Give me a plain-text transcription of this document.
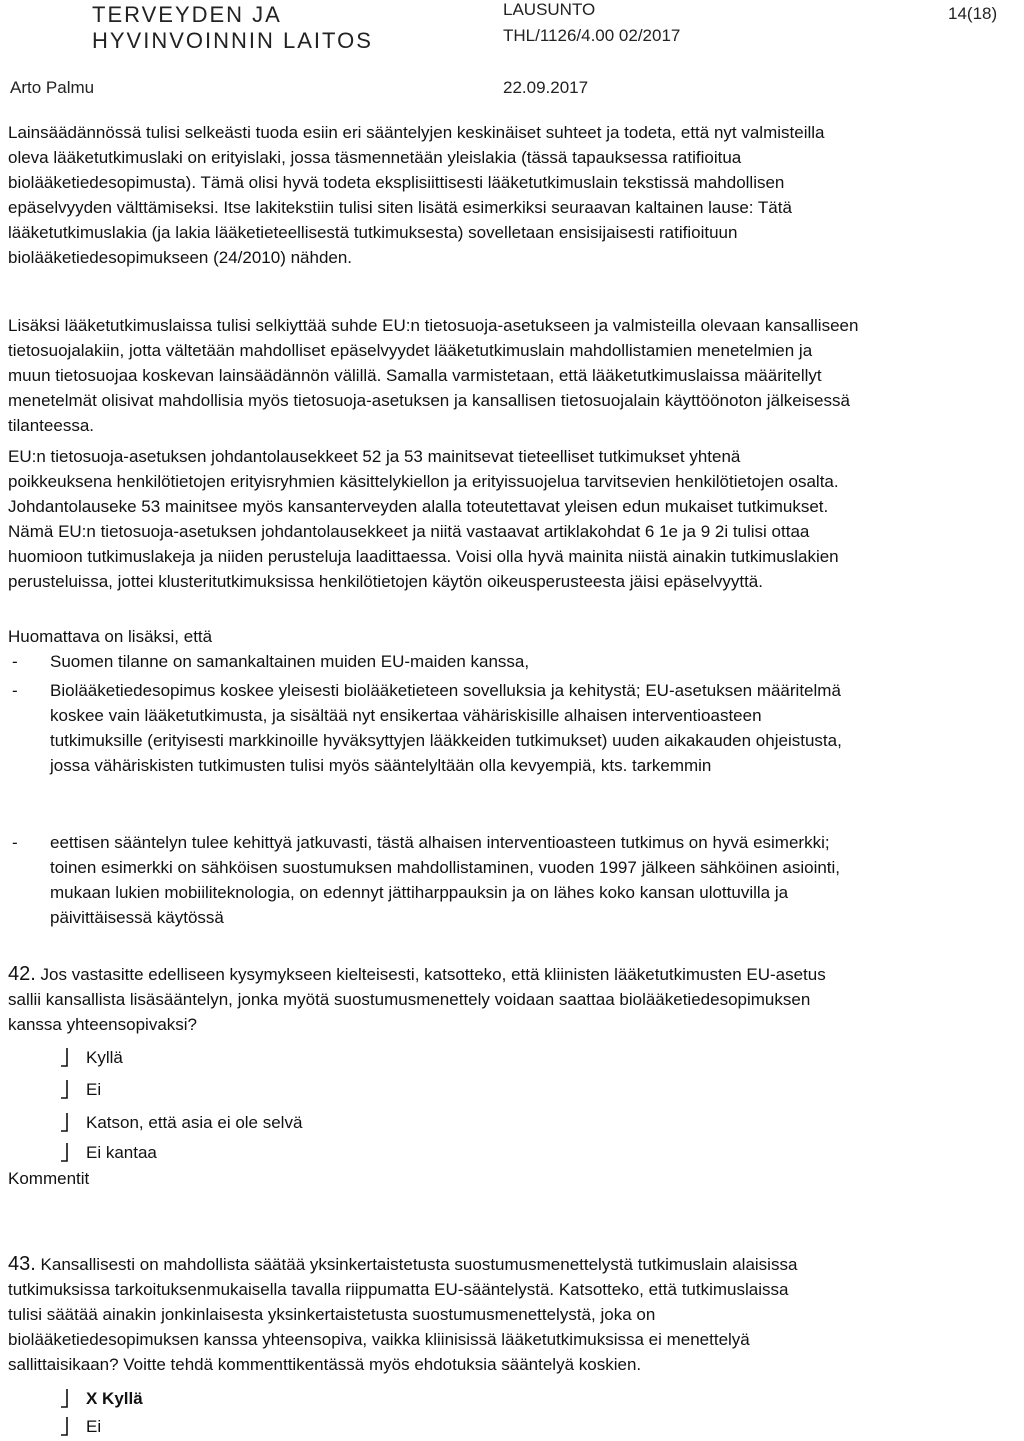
TERVEYDEN JA
HYVINVOINNIN LAITOS
LAUSUNTO
THL/1126/4.00 02/2017
14(18)
Arto Palmu	22.09.2017
Lainsäädännössä tulisi selkeästi tuoda esiin eri sääntelyjen keskinäiset suhteet ja todeta, että nyt valmisteilla
oleva lääketutkimuslaki on erityislaki, jossa täsmennetään yleislakia (tässä tapauksessa ratifioitua
biolääketiedesopimusta). Tämä olisi hyvä todeta eksplisiittisesti lääketutkimuslain tekstissä mahdollisen
epäselvyyden välttämiseksi. Itse lakitekstiin tulisi siten lisätä esimerkiksi seuraavan kaltainen lause: Tätä
lääketutkimuslakia (ja lakia lääketieteellisestä tutkimuksesta) sovelletaan ensisijaisesti ratifioituun
biolääketiedesopimukseen (24/2010) nähden.
Lisäksi lääketutkimuslaissa tulisi selkiyttää suhde EU:n tietosuoja-asetukseen ja valmisteilla olevaan kansalliseen
tietosuojalakiin, jotta vältetään mahdolliset epäselvyydet lääketutkimuslain mahdollistamien menetelmien ja
muun tietosuojaa koskevan lainsäädännön välillä. Samalla varmistetaan, että lääketutkimuslaissa määritellyt
menetelmät olisivat mahdollisia myös tietosuoja-asetuksen ja kansallisen tietosuojalain käyttöönoton jälkeisessä
tilanteessa.
EU:n tietosuoja-asetuksen johdantolausekkeet 52 ja 53 mainitsevat tieteelliset tutkimukset yhtenä
poikkeuksena henkilötietojen erityisryhmien käsittelykiellon ja erityissuojelua tarvitsevien henkilötietojen osalta.
Johdantolauseke 53 mainitsee myös kansanterveyden alalla toteutettavat yleisen edun mukaiset tutkimukset.
Nämä EU:n tietosuoja-asetuksen johdantolausekkeet ja niitä vastaavat artiklakohdat 6 1e ja 9 2i tulisi ottaa
huomioon tutkimuslakeja ja niiden perusteluja laadittaessa. Voisi olla hyvä mainita niistä ainakin tutkimuslakien
perusteluissa, jottei klusteritutkimuksissa henkilötietojen käytön oikeusperusteesta jäisi epäselvyyttä.
Huomattava on lisäksi, että
- Suomen tilanne on samankaltainen muiden EU-maiden kanssa,
- Biolääketiedesopimus koskee yleisesti biolääketieteen sovelluksia ja kehitystä; EU-asetuksen määritelmä
koskee vain lääketutkimusta, ja sisältää nyt ensikertaa vähäriskisille alhaisen interventioasteen
tutkimuksille (erityisesti markkinoille hyväksyttyjen lääkkeiden tutkimukset) uuden aikakauden ohjeistusta,
jossa vähäriskisten tutkimusten tulisi myös sääntelyltään olla kevyempiä, kts. tarkemmin
- eettisen sääntelyn tulee kehittyä jatkuvasti, tästä alhaisen interventioasteen tutkimus on hyvä esimerkki;
toinen esimerkki on sähköisen suostumuksen mahdollistaminen, vuoden 1997 jälkeen sähköinen asiointi,
mukaan lukien mobiiliteknologia, on edennyt jättiharppauksin ja on lähes koko kansan ulottuvilla ja
päivittäisessä käytössä
42. Jos vastasitte edelliseen kysymykseen kielteisesti, katsotteko, että kliinisten lääketutkimusten EU-asetus
sallii kansallista lisäsääntelyn, jonka myötä suostumusmenettely voidaan saattaa biolääketiedesopimuksen
kanssa yhteensopivaksi?
Kyllä
Ei
Katson, että asia ei ole selvä
Ei kantaa
Kommentit
43. Kansallisesti on mahdollista säätää yksinkertaistetusta suostumusmenettelystä tutkimuslain alaisissa
tutkimuksissa tarkoituksenmukaisella tavalla riippumatta EU-sääntelystä. Katsotteko, että tutkimuslaissa
tulisi säätää ainakin jonkinlaisesta yksinkertaistetusta suostumusmenettelystä, joka on
biolääketiedesopimuksen kanssa yhteensopiva, vaikka kliinisissä lääketutkimuksissa ei menettelyä
sallittaisikaan? Voitte tehdä kommenttikentässä myös ehdotuksia sääntelyä koskien.
X Kyllä
Ei
